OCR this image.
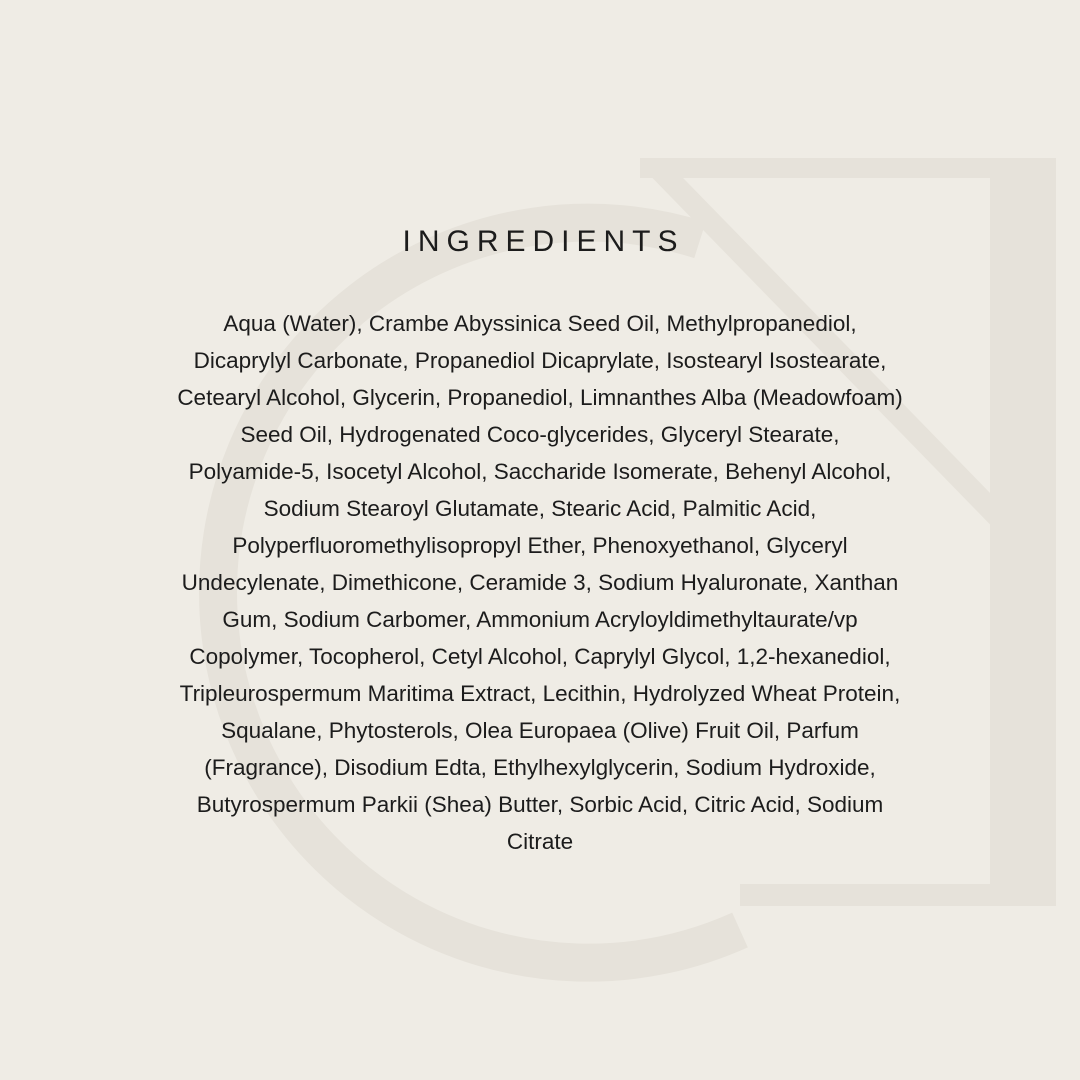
INGREDIENTS
Aqua (Water), Crambe Abyssinica Seed Oil, Methylpropanediol,
Dicaprylyl Carbonate, Propanediol Dicaprylate, Isostearyl Isostearate,
Cetearyl Alcohol, Glycerin, Propanediol, Limnanthes Alba (Meadowfoam)
Seed Oil, Hydrogenated Coco-glycerides, Glyceryl Stearate,
Polyamide-5, Isocetyl Alcohol, Saccharide Isomerate, Behenyl Alcohol,
Sodium Stearoyl Glutamate, Stearic Acid, Palmitic Acid,
Polyperfluoromethylisopropyl Ether, Phenoxyethanol, Glyceryl
Undecylenate, Dimethicone, Ceramide 3, Sodium Hyaluronate, Xanthan
Gum, Sodium Carbomer, Ammonium Acryloyldimethyltaurate/vp
Copolymer, Tocopherol, Cetyl Alcohol, Caprylyl Glycol, 1,2-hexanediol,
Tripleurospermum Maritima Extract, Lecithin, Hydrolyzed Wheat Protein,
Squalane, Phytosterols, Olea Europaea (Olive) Fruit Oil, Parfum
(Fragrance), Disodium Edta, Ethylhexylglycerin, Sodium Hydroxide,
Butyrospermum Parkii (Shea) Butter, Sorbic Acid, Citric Acid, Sodium
Citrate
